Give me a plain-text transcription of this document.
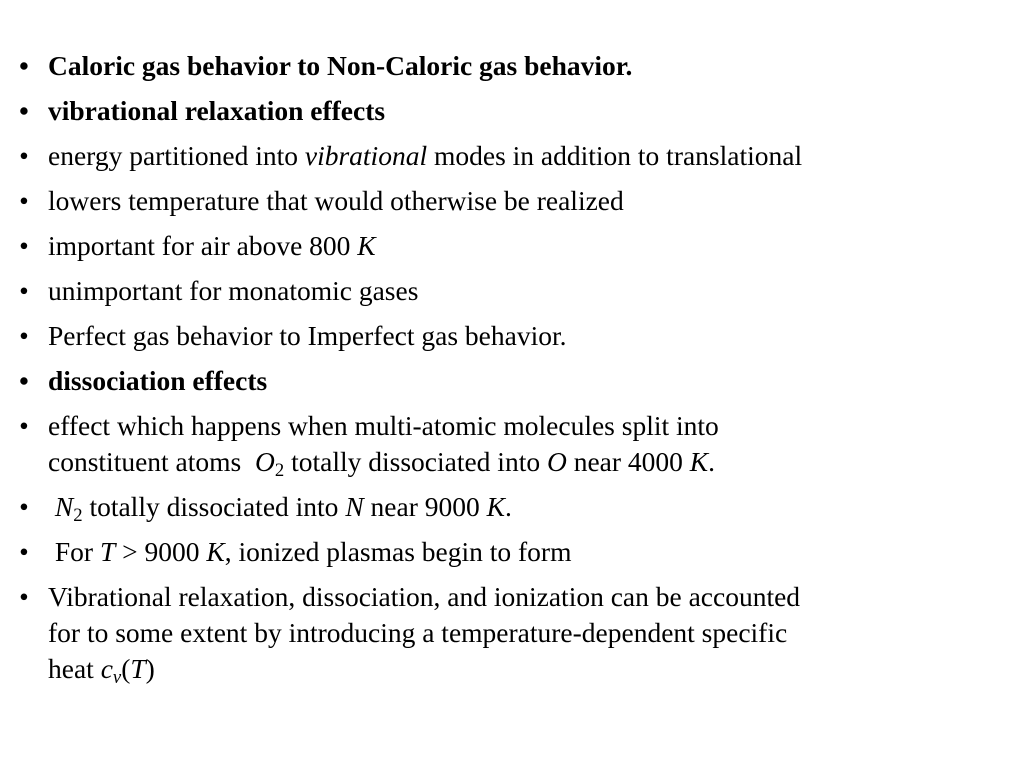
• Caloric gas behavior to Non-Caloric gas behavior.
• vibrational relaxation effects
• energy partitioned into vibrational modes in addition to translational
• lowers temperature that would otherwise be realized
• important for air above 800 K
• unimportant for monatomic gases
• Perfect gas behavior to Imperfect gas behavior.
• dissociation effects
• effect which happens when multi-atomic molecules split into
constituent atoms  $O_2$ totally dissociated into O near 4000 K.
• $N_2$ totally dissociated into N near 9000 K.
• For T > 9000 K, ionized plasmas begin to form
• Vibrational relaxation, dissociation, and ionization can be accounted
for to some extent by introducing a temperature-dependent specific
heat $c_v(T)$
